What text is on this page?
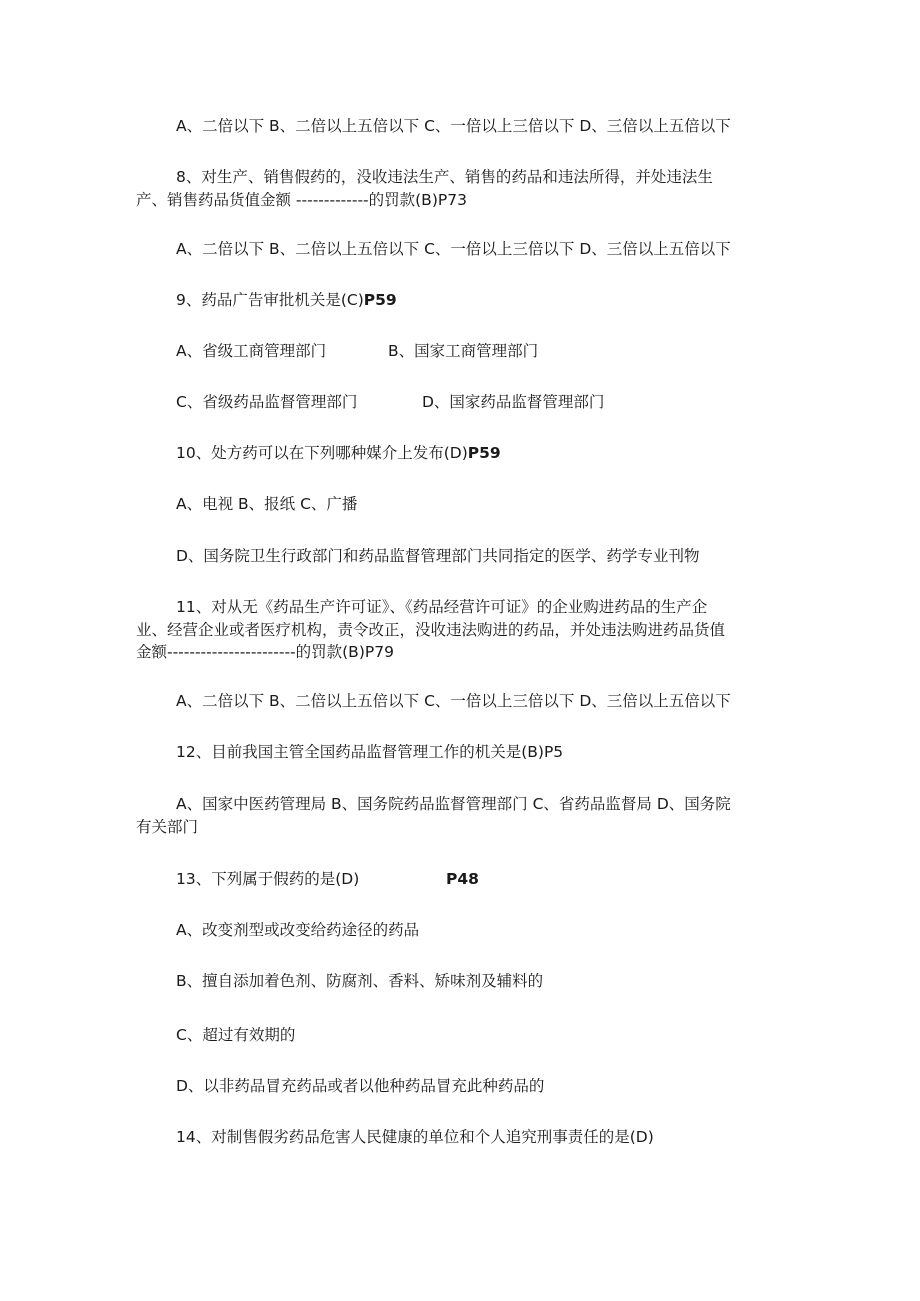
A、二倍以下 B、二倍以上五倍以下 C、一倍以上三倍以下 D、三倍以上五倍以下
8、对生产、销售假药的，没收违法生产、销售的药品和违法所得，并处违法生
产、销售药品货值金额 -------------的罚款(B)P73
A、二倍以下 B、二倍以上五倍以下 C、一倍以上三倍以下 D、三倍以上五倍以下
9、药品广告审批机关是(C)P59
A、省级工商管理部门	B、国家工商管理部门
C、省级药品监督管理部门	D、国家药品监督管理部门
10、处方药可以在下列哪种媒介上发布(D)P59
A、电视 B、报纸 C、广播
D、国务院卫生行政部门和药品监督管理部门共同指定的医学、药学专业刊物
11、对从无《药品生产许可证》、《药品经营许可证》的企业购进药品的生产企
业、经营企业或者医疗机构，责令改正，没收违法购进的药品，并处违法购进药品货值
金额-----------------------的罚款(B)P79
A、二倍以下 B、二倍以上五倍以下 C、一倍以上三倍以下 D、三倍以上五倍以下
12、目前我国主管全国药品监督管理工作的机关是(B)P5
A、国家中医药管理局 B、国务院药品监督管理部门 C、省药品监督局 D、国务院
有关部门
13、下列属于假药的是(D)	P48
A、改变剂型或改变给药途径的药品
B、擅自添加着色剂、防腐剂、香料、矫味剂及辅料的
C、超过有效期的
D、以非药品冒充药品或者以他种药品冒充此种药品的
14、对制售假劣药品危害人民健康的单位和个人追究刑事责任的是(D)
